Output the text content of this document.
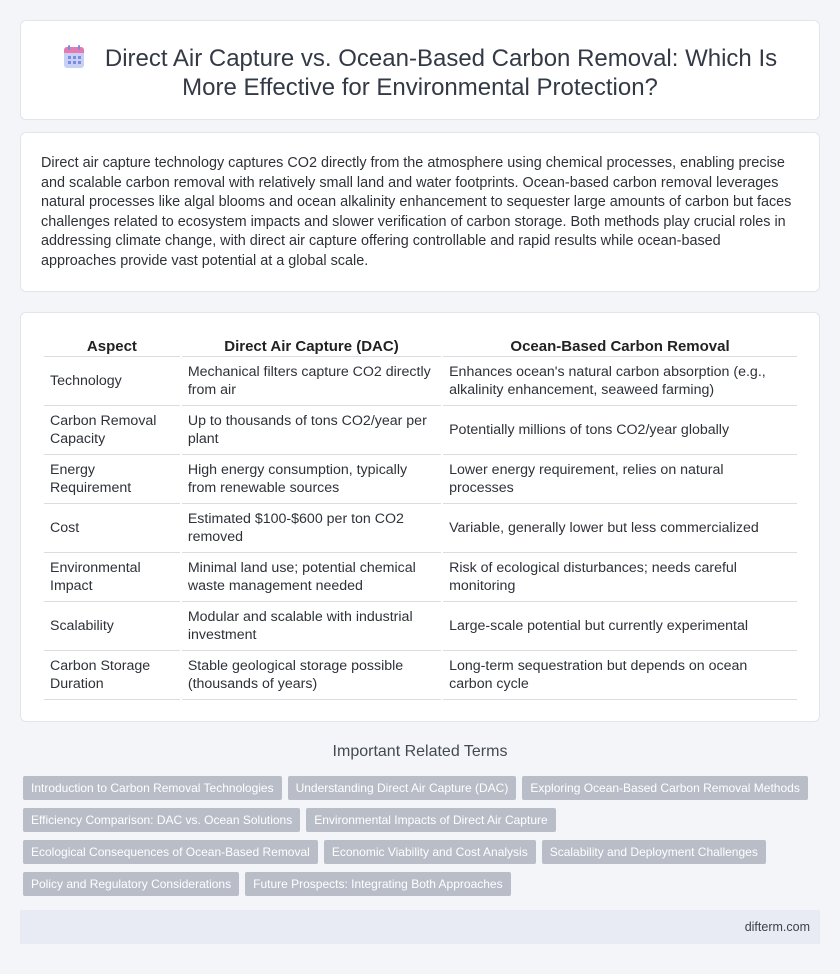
Direct Air Capture vs. Ocean-Based Carbon Removal: Which Is More Effective for Environmental Protection?

Direct air capture technology captures CO2 directly from the atmosphere using chemical processes, enabling precise and scalable carbon removal with relatively small land and water footprints. Ocean-based carbon removal leverages natural processes like algal blooms and ocean alkalinity enhancement to sequester large amounts of carbon but faces challenges related to ecosystem impacts and slower verification of carbon storage. Both methods play crucial roles in addressing climate change, with direct air capture offering controllable and rapid results while ocean-based approaches provide vast potential at a global scale.

Aspect	Direct Air Capture (DAC)	Ocean-Based Carbon Removal
Technology	Mechanical filters capture CO2 directly from air	Enhances ocean's natural carbon absorption (e.g., alkalinity enhancement, seaweed farming)
Carbon Removal Capacity	Up to thousands of tons CO2/year per plant	Potentially millions of tons CO2/year globally
Energy Requirement	High energy consumption, typically from renewable sources	Lower energy requirement, relies on natural processes
Cost	Estimated $100-$600 per ton CO2 removed	Variable, generally lower but less commercialized
Environmental Impact	Minimal land use; potential chemical waste management needed	Risk of ecological disturbances; needs careful monitoring
Scalability	Modular and scalable with industrial investment	Large-scale potential but currently experimental
Carbon Storage Duration	Stable geological storage possible (thousands of years)	Long-term sequestration but depends on ocean carbon cycle
Important Related Terms
Introduction to Carbon Removal Technologies Understanding Direct Air Capture (DAC) Exploring Ocean-Based Carbon Removal Methods
Efficiency Comparison: DAC vs. Ocean Solutions Environmental Impacts of Direct Air Capture
Ecological Consequences of Ocean-Based Removal Economic Viability and Cost Analysis Scalability and Deployment Challenges
Policy and Regulatory Considerations Future Prospects: Integrating Both Approaches
difterm.com
